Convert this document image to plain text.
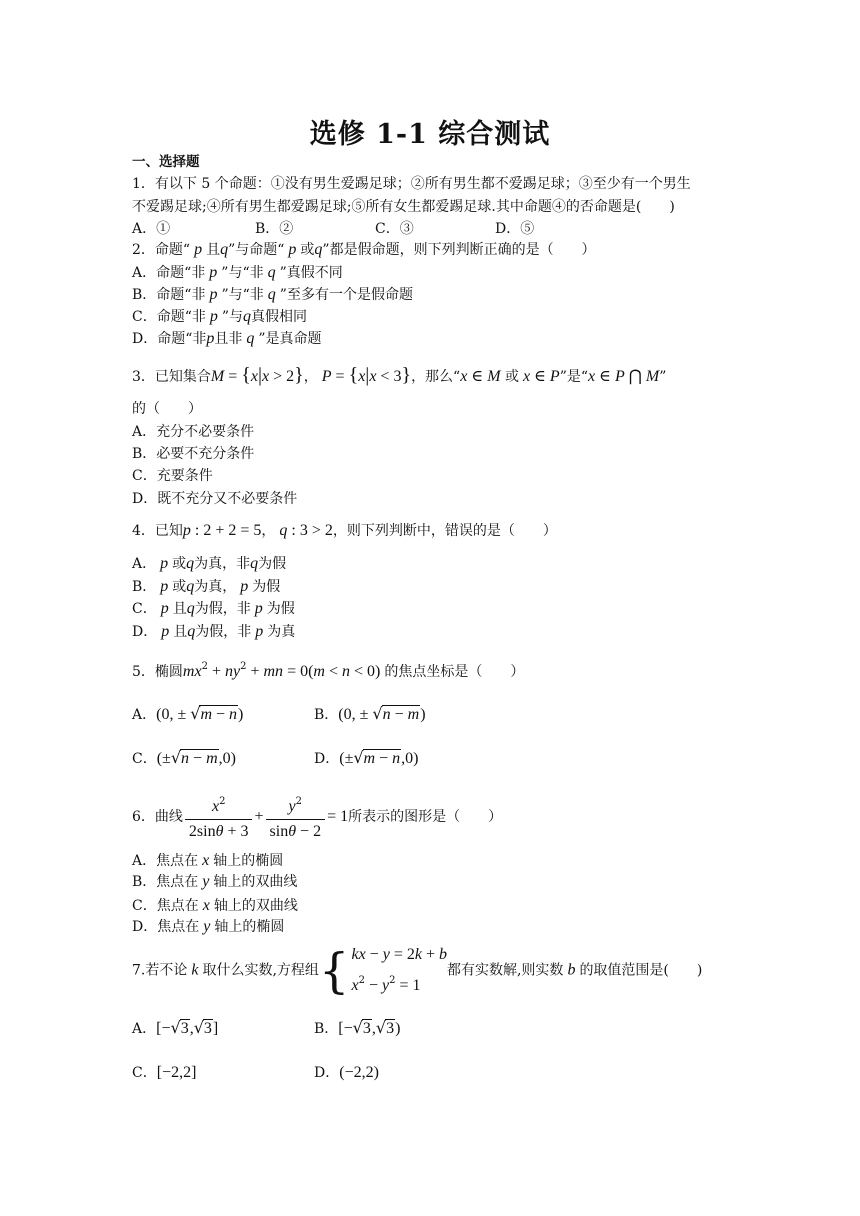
选修 1-1 综合测试
一、选择题
1．有以下 5 个命题：①没有男生爱踢足球；②所有男生都不爱踢足球；③至少有一个男生
不爱踢足球;④所有男生都爱踢足球;⑤所有女生都爱踢足球.其中命题④的否命题是(　　)
A．①	B．②	C．③	D．⑤
2．命题“ p 且q”与命题“ p 或q”都是假命题，则下列判断正确的是（　　）
A．命题“非 p ”与“非 q ”真假不同
B．命题“非 p ”与“非 q ”至多有一个是假命题
C．命题“非 p ”与q真假相同
D．命题“非p且非 q ”是真命题
3．已知集合M = {x|x > 2}， P = {x|x < 3}，那么“x ∈ M 或 x ∈ P”是“x ∈ P ⋂ M”
的（　　）
A．充分不必要条件
B．必要不充分条件
C．充要条件
D．既不充分又不必要条件
4．已知p : 2 + 2 = 5， q : 3 > 2，则下列判断中，错误的是（　　）
A． p 或q为真，非q为假
B． p 或q为真， p 为假
C． p 且q为假，非 p 为假
D． p 且q为假，非 p 为真
5．椭圆$mx^2 + ny^2$ + mn = 0(m < n < 0) 的焦点坐标是（　　）
A．(0, ± √m − n)	B．(0, ± √n − m)
C．(±√n − m,0)	D．(±√m − n,0)
6．曲线 $\frac{x^2}{2\sin\theta + 3} + \frac{y^2}{\sin\theta - 2} = 1$所表示的图形是（　　）
A．焦点在 x 轴上的椭圆
B．焦点在 y 轴上的双曲线
C．焦点在 x 轴上的双曲线
D．焦点在 y 轴上的椭圆
7.若不论 k 取什么实数,方程组{ kx − y = 2k + b
$x^2 - y^2 = 1$
都有实数解,则实数 b 的取值范围是(　　)
A．[−√3,√3]	B．[−√3,√3)
C．[−2,2]	D．(−2,2)
